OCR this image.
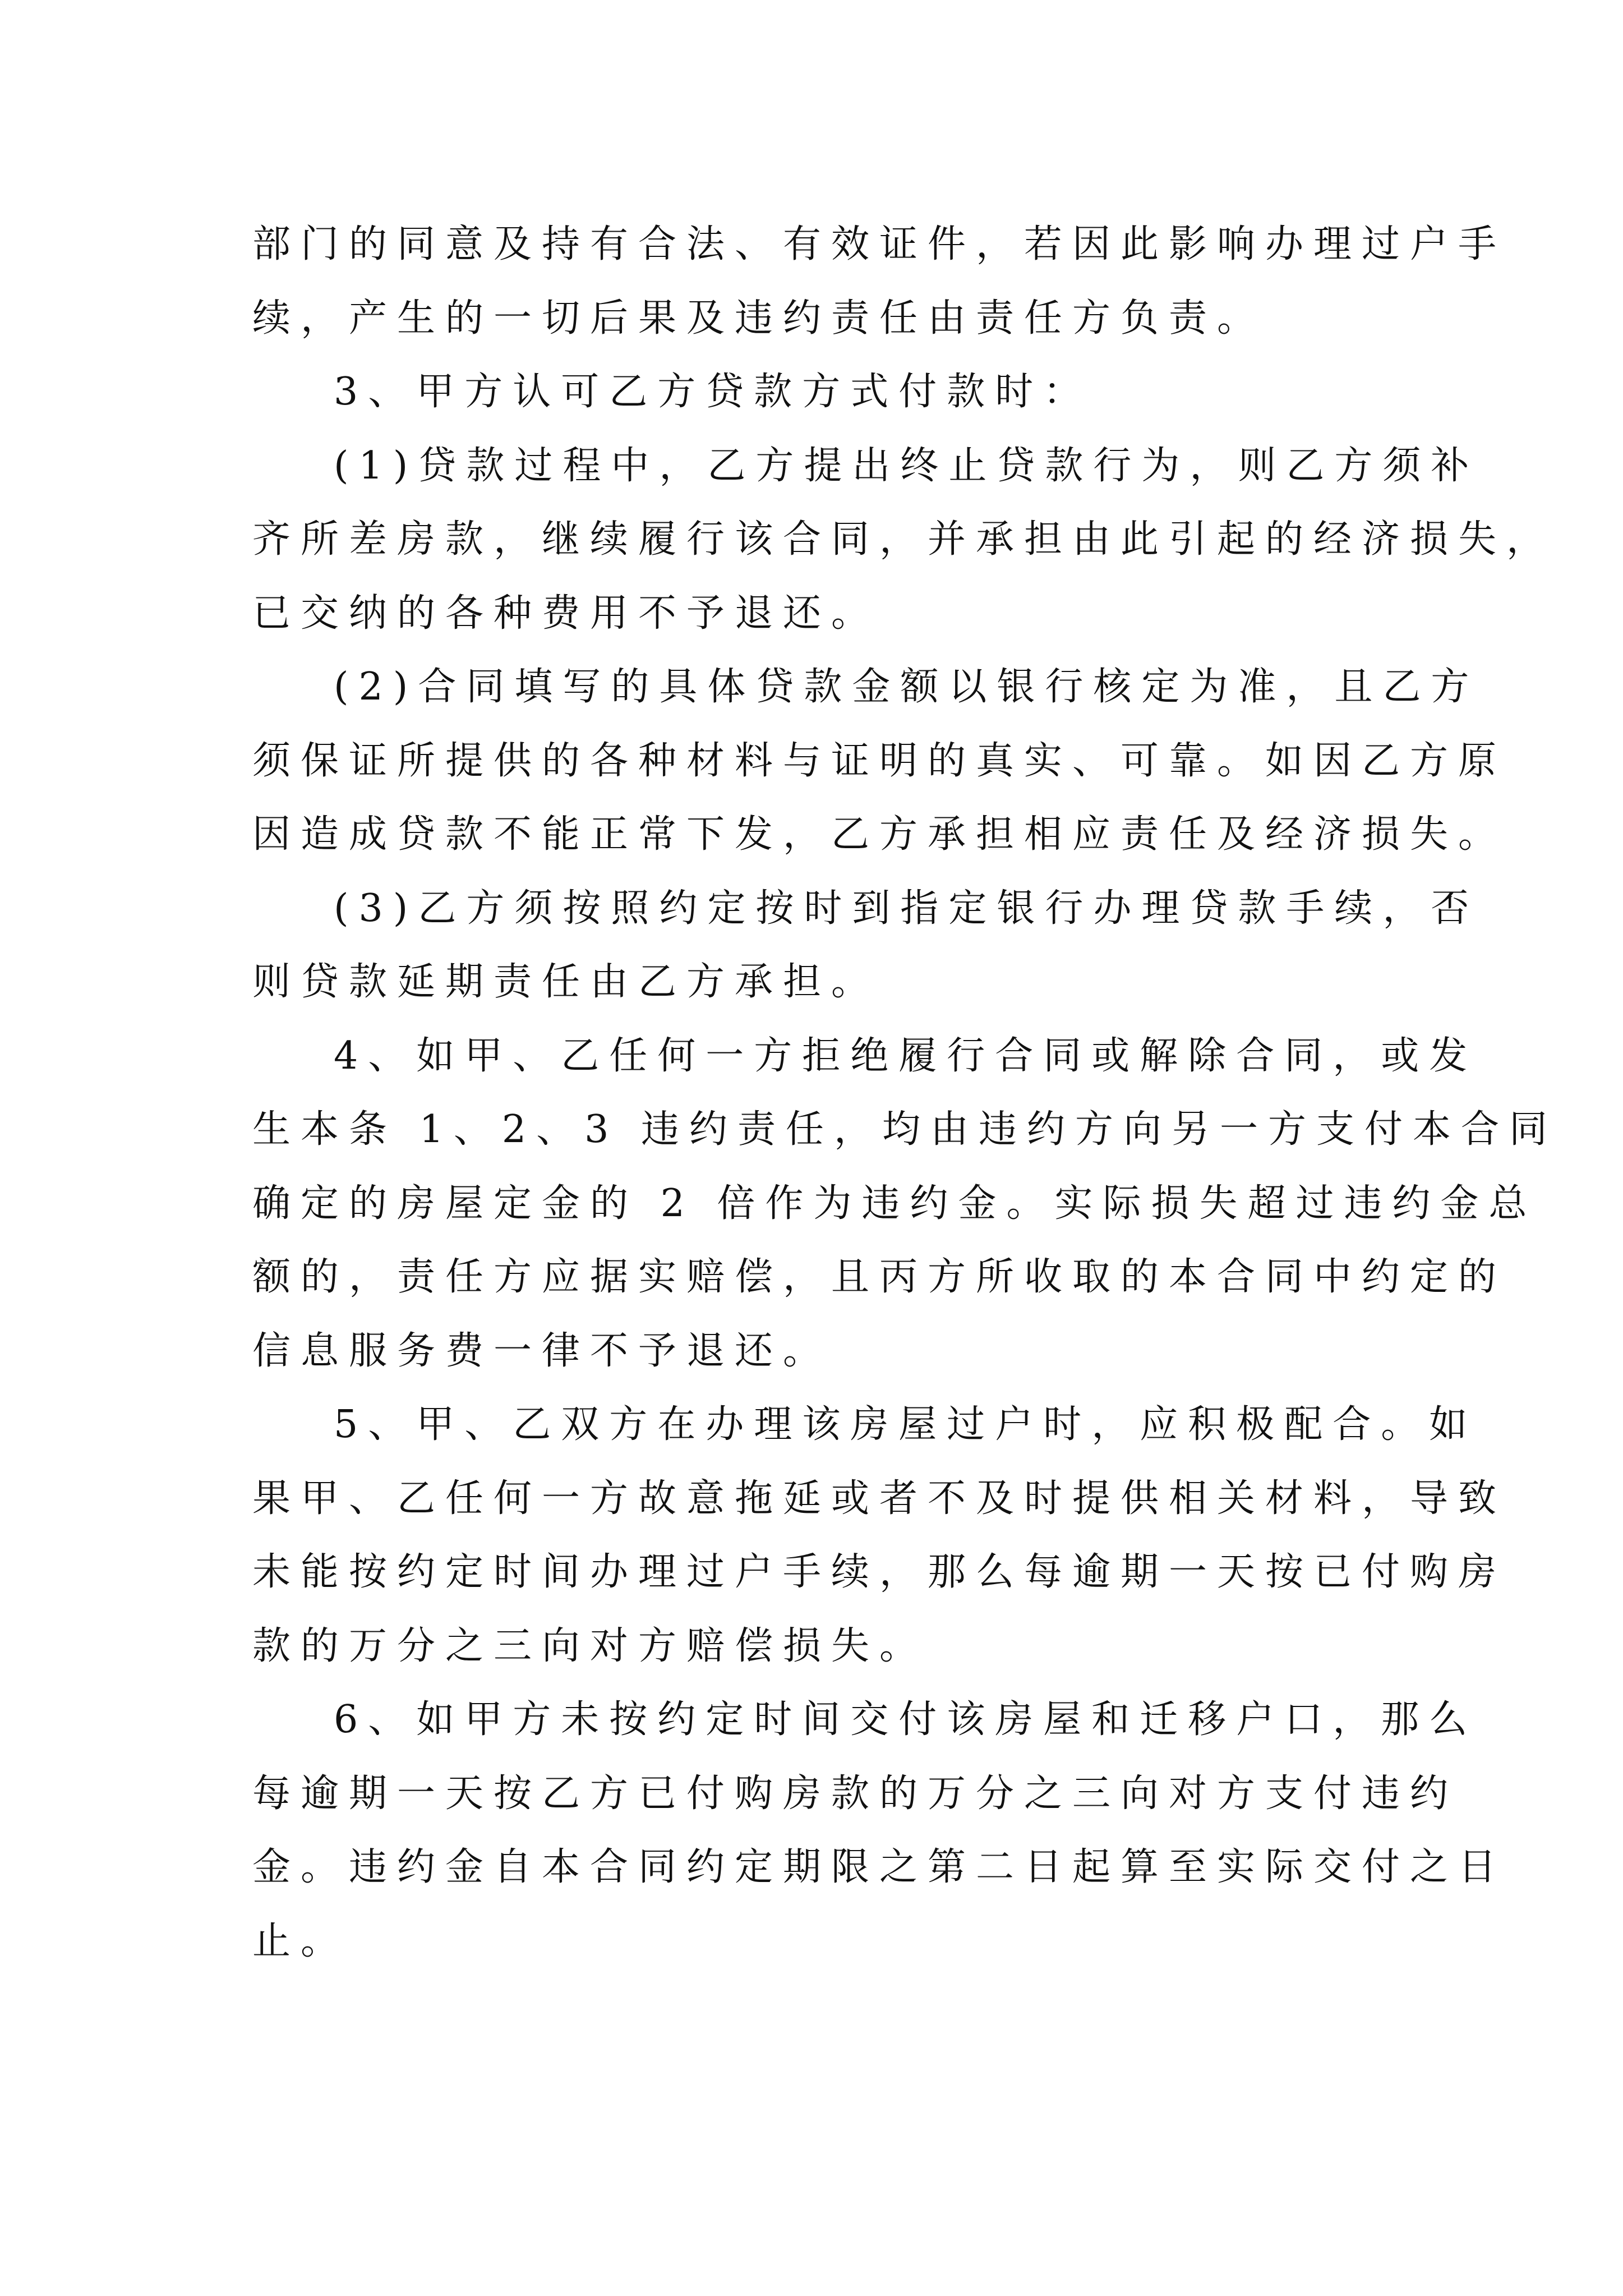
部门的同意及持有合法、有效证件，若因此影响办理过户手
续，产生的一切后果及违约责任由责任方负责。

3、甲方认可乙方贷款方式付款时：

(1)贷款过程中，乙方提出终止贷款行为，则乙方须补
齐所差房款，继续履行该合同，并承担由此引起的经济损失，
已交纳的各种费用不予退还。

(2)合同填写的具体贷款金额以银行核定为准，且乙方
须保证所提供的各种材料与证明的真实、可靠。如因乙方原
因造成贷款不能正常下发，乙方承担相应责任及经济损失。

(3)乙方须按照约定按时到指定银行办理贷款手续，否
则贷款延期责任由乙方承担。

4、如甲、乙任何一方拒绝履行合同或解除合同，或发
生本条 1、2、3 违约责任，均由违约方向另一方支付本合同
确定的房屋定金的 2 倍作为违约金。实际损失超过违约金总
额的，责任方应据实赔偿，且丙方所收取的本合同中约定的
信息服务费一律不予退还。

5、甲、乙双方在办理该房屋过户时，应积极配合。如
果甲、乙任何一方故意拖延或者不及时提供相关材料，导致
未能按约定时间办理过户手续，那么每逾期一天按已付购房
款的万分之三向对方赔偿损失。

6、如甲方未按约定时间交付该房屋和迁移户口，那么
每逾期一天按乙方已付购房款的万分之三向对方支付违约
金。违约金自本合同约定期限之第二日起算至实际交付之日
止。
